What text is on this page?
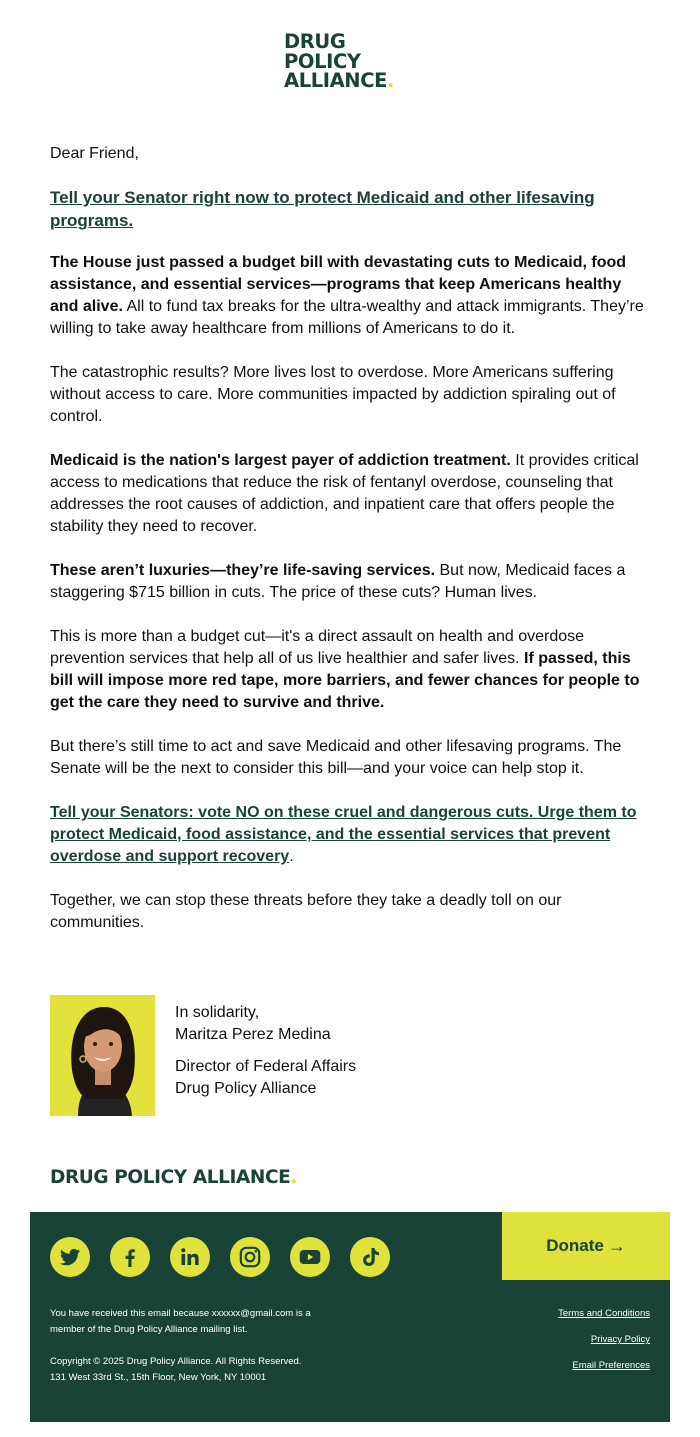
DRUG
POLICY
ALLIANCE.

Dear Friend,

Tell your Senator right now to protect Medicaid and other lifesaving programs.

The House just passed a budget bill with devastating cuts to Medicaid, food assistance, and essential services—programs that keep Americans healthy and alive. All to fund tax breaks for the ultra-wealthy and attack immigrants. They’re willing to take away healthcare from millions of Americans to do it.

The catastrophic results? More lives lost to overdose. More Americans suffering without access to care. More communities impacted by addiction spiraling out of control.

Medicaid is the nation's largest payer of addiction treatment. It provides critical access to medications that reduce the risk of fentanyl overdose, counseling that addresses the root causes of addiction, and inpatient care that offers people the stability they need to recover.

These aren’t luxuries—they’re life-saving services. But now, Medicaid faces a staggering $715 billion in cuts. The price of these cuts? Human lives.

This is more than a budget cut—it's a direct assault on health and overdose prevention services that help all of us live healthier and safer lives. If passed, this bill will impose more red tape, more barriers, and fewer chances for people to get the care they need to survive and thrive.

But there’s still time to act and save Medicaid and other lifesaving programs. The Senate will be the next to consider this bill—and your voice can help stop it.

Tell your Senators: vote NO on these cruel and dangerous cuts. Urge them to protect Medicaid, food assistance, and the essential services that prevent overdose and support recovery.

Together, we can stop these threats before they take a deadly toll on our communities.

In solidarity,
Maritza Perez Medina
Director of Federal Affairs
Drug Policy Alliance
DRUG POLICY ALLIANCE.
Donate →
You have received this email because xxxxxx@gmail.com is a
member of the Drug Policy Alliance mailing list.
Copyright © 2025 Drug Policy Alliance. All Rights Reserved.
131 West 33rd St., 15th Floor, New York, NY 10001
Terms and Conditions
Privacy Policy
Email Preferences
